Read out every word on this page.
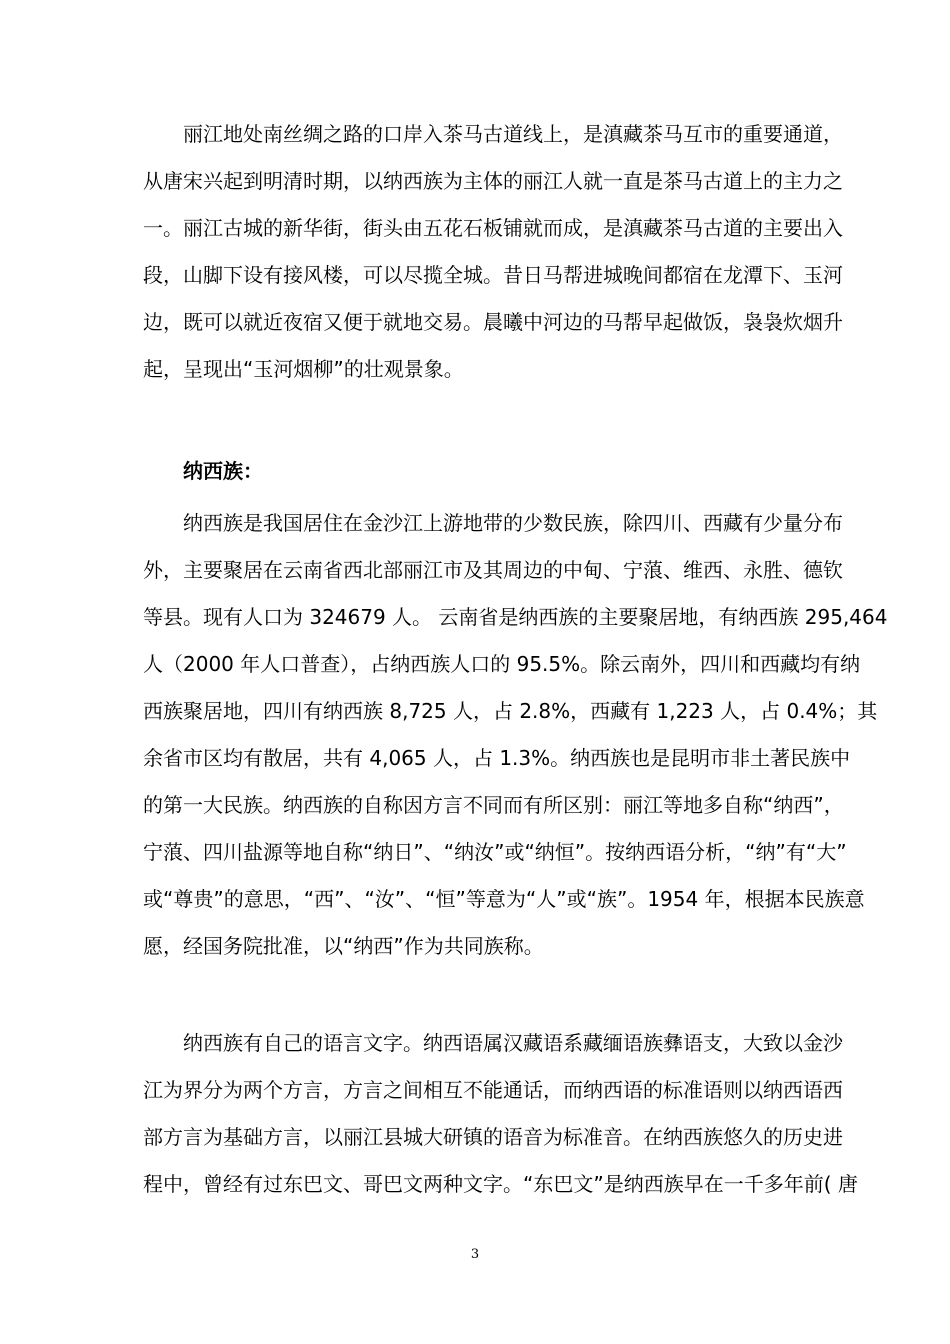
　　丽江地处南丝绸之路的口岸入茶马古道线上，是滇藏茶马互市的重要通道，
从唐宋兴起到明清时期，以纳西族为主体的丽江人就一直是茶马古道上的主力之
一。丽江古城的新华街，街头由五花石板铺就而成，是滇藏茶马古道的主要出入
段，山脚下设有接风楼，可以尽揽全城。昔日马帮进城晚间都宿在龙潭下、玉河
边，既可以就近夜宿又便于就地交易。晨曦中河边的马帮早起做饭，袅袅炊烟升
起，呈现出“玉河烟柳”的壮观景象。
　　纳西族：
　　纳西族是我国居住在金沙江上游地带的少数民族，除四川、西藏有少量分布
外，主要聚居在云南省西北部丽江市及其周边的中甸、宁蒗、维西、永胜、德钦
等县。现有人口为 324679 人。 云南省是纳西族的主要聚居地，有纳西族 295,464
人（2000 年人口普查），占纳西族人口的 95.5%。除云南外，四川和西藏均有纳
西族聚居地，四川有纳西族 8,725 人，占 2.8%，西藏有 1,223 人，占 0.4%；其
余省市区均有散居，共有 4,065 人，占 1.3%。纳西族也是昆明市非土著民族中
的第一大民族。纳西族的自称因方言不同而有所区别：丽江等地多自称“纳西”，
宁蒗、四川盐源等地自称“纳日”、“纳汝”或“纳恒”。按纳西语分析，“纳”有“大”
或“尊贵”的意思，“西”、“汝”、“恒”等意为“人”或“族”。1954 年，根据本民族意
愿，经国务院批准，以“纳西”作为共同族称。
　　纳西族有自己的语言文字。纳西语属汉藏语系藏缅语族彝语支，大致以金沙
江为界分为两个方言，方言之间相互不能通话，而纳西语的标准语则以纳西语西
部方言为基础方言，以丽江县城大研镇的语音为标准音。在纳西族悠久的历史进
程中，曾经有过东巴文、哥巴文两种文字。“东巴文”是纳西族早在一千多年前( 唐
3
